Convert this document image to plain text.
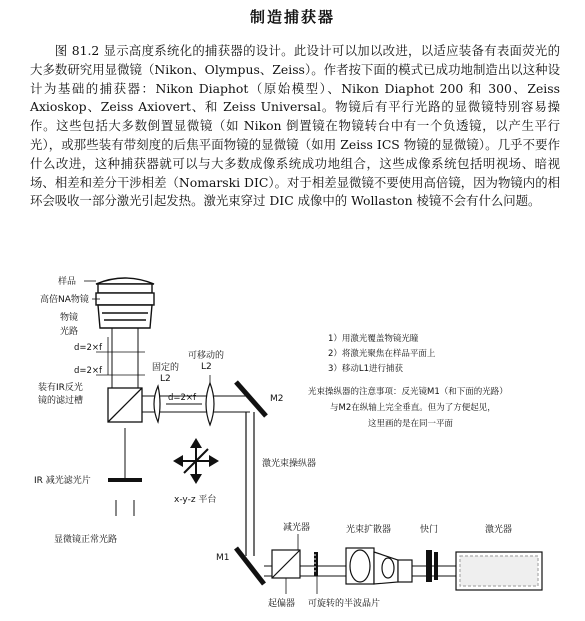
制造捕获器

图 81.2 显示高度系统化的捕获器的设计。此设计可以加以改进，以适应装备有表面荧光的大多数研究用显微镜（Nikon、Olympus、Zeiss）。作者按下面的模式已成功地制造出以这种设计为基础的捕获器：Nikon Diaphot（原始模型）、Nikon Diaphot 200 和 300、Zeiss Axioskop、Zeiss Axiovert、和 Zeiss Universal。物镜后有平行光路的显微镜特别容易操作。这些包括大多数倒置显微镜（如 Nikon 倒置镜在物镜转台中有一个负透镜，以产生平行光），或那些装有带刻度的后焦平面物镜的显微镜（如用 Zeiss ICS 物镜的显微镜）。几乎不要作什么改进，这种捕获器就可以与大多数成像系统成功地组合，这些成像系统包括明视场、暗视场、相差和差分干涉相差（Nomarski DIC）。对于相差显微镜不要使用高倍镜，因为物镜内的相环会吸收一部分激光引起发热。激光束穿过 DIC 成像中的 Wollaston 棱镜不会有什么问题。

样品
高倍NA物镜
物镜
光路
d=2×f
d=2×f
装有IR反光
镜的滤过槽
固定的
L2
d=2×f
可移动的
L2
M2
x-y-z 平台
激光束操纵器
IR 减光滤光片
显微镜正常光路
1）用激光覆盖物镜光瞳
2）将激光聚焦在样品平面上
3）移动L1进行捕获
光束操纵器的注意事项：反光镜M1（和下面的光路）
与M2在纵轴上完全垂直。但为了方便起见，
这里画的是在同一平面
M1
减光器
起偏器 可旋转的半波晶片
光束扩散器	快门	激光器
